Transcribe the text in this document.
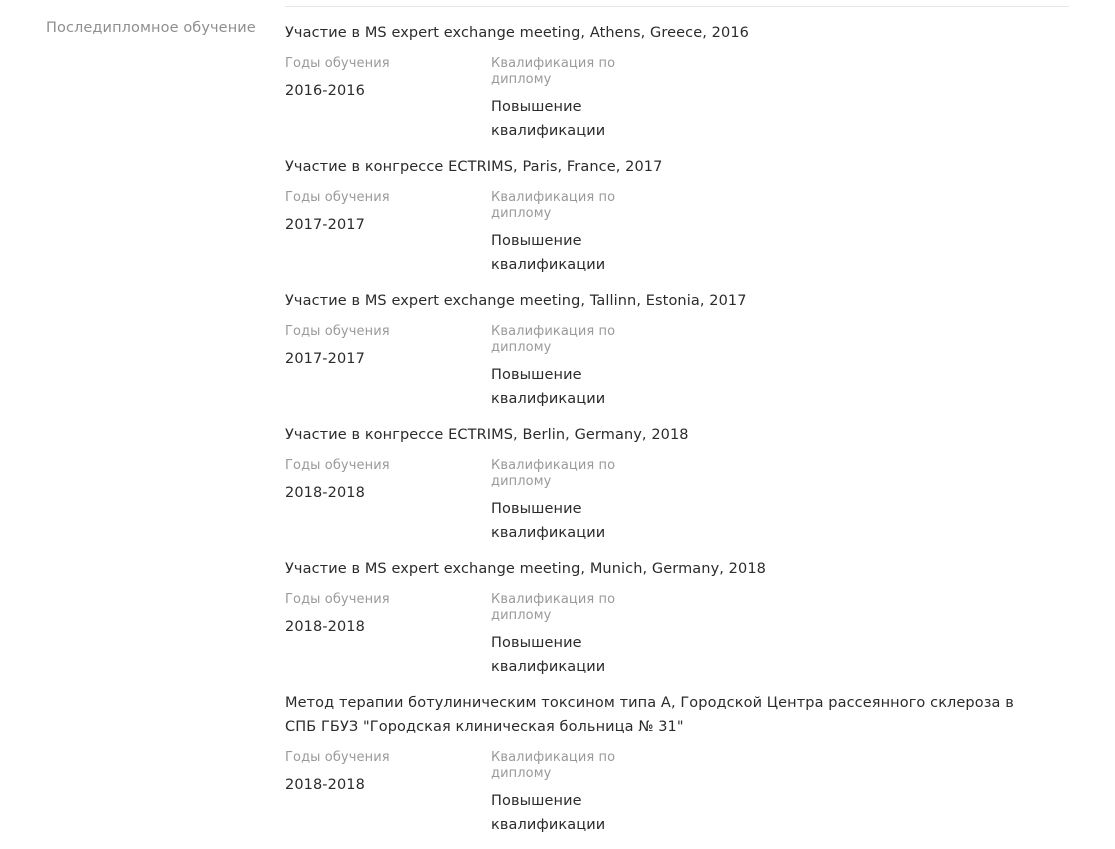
Последипломное обучение Участие в MS expert exchange meeting, Athens, Greece, 2016
Годы обучения
2016-2016
Квалификация по диплому
Повышение квалификации
Участие в конгрессе ECTRIMS, Paris, France, 2017
Годы обучения
2017-2017
Квалификация по диплому
Повышение квалификации
Участие в MS expert exchange meeting, Tallinn, Estonia, 2017
Годы обучения
2017-2017
Квалификация по диплому
Повышение квалификации
Участие в конгрессе ECTRIMS, Berlin, Germany, 2018
Годы обучения
2018-2018
Квалификация по диплому
Повышение квалификации
Участие в MS expert exchange meeting, Munich, Germany, 2018
Годы обучения
2018-2018
Квалификация по диплому
Повышение квалификации
Метод терапии ботулиническим токсином типа А, Городской Центра рассеянного склероза в СПБ ГБУЗ "Городская клиническая больница № 31"
Годы обучения
2018-2018
Квалификация по диплому
Повышение квалификации
